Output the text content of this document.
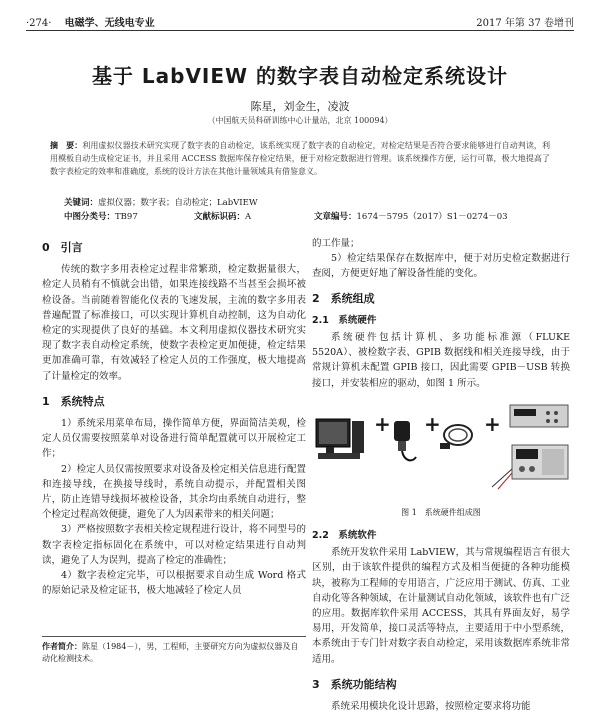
·274· 电磁学、无线电专业	2017 年第 37 卷增刊
基于 LabVIEW 的数字表自动检定系统设计
陈星，刘金生，凌波
（中国航天员科研训练中心计量站，北京 100094）
摘　要：利用虚拟仪器技术研究实现了数字表的自动检定，该系统实现了数字表的自动检定，对检定结果是否符合要求能够进行自动判读，利用模板自动生成检定证书，并且采用 ACCESS 数据库保存检定结果，便于对检定数据进行管理。该系统操作方便，运行可靠，极大地提高了数字表检定的效率和准确度，系统的设计方法在其他计量领域具有借鉴意义。
关键词：虚拟仪器；数字表；自动检定；LabVIEW
中图分类号：TB97	文献标识码：A	文章编号：1674－5795（2017）S1－0274－03
0　引言

传统的数字多用表检定过程非常繁琐，检定数据量很大，检定人员稍有不慎就会出错，如果连接线路不当甚至会损坏被检设备。当前随着智能化仪表的飞速发展，主流的数字多用表普遍配置了标准接口，可以实现计算机自动控制，这为自动化检定的实现提供了良好的基础。本文利用虚拟仪器技术研究实现了数字表自动检定系统，使数字表检定更加便捷，检定结果更加准确可靠，有效减轻了检定人员的工作强度，极大地提高了计量检定的效率。

1　系统特点

1）系统采用菜单布局，操作简单方便，界面简洁美观，检定人员仅需要按照菜单对设备进行简单配置就可以开展检定工作；

2）检定人员仅需按照要求对设备及检定相关信息进行配置和连接导线，在换接导线时，系统自动提示，并配置相关图片，防止连错导线损坏被检设备，其余均由系统自动进行，整个检定过程高效便捷，避免了人为因素带来的相关问题；

3）严格按照数字表相关检定规程进行设计，将不同型号的数字表检定指标固化在系统中，可以对检定结果进行自动判读，避免了人为误判，提高了检定的准确性；

4）数字表检定完毕，可以根据要求自动生成 Word 格式的原始记录及检定证书，极大地减轻了检定人员

的工作量；

5）检定结果保存在数据库中，便于对历史检定数据进行查阅，方便更好地了解设备性能的变化。

2　系统组成
2.1　系统硬件

系统硬件包括计算机、多功能标准源（FLUKE 5520A）、被检数字表、GPIB 数据线和相关连接导线，由于常规计算机未配置 GPIB 接口，因此需要 GPIB－USB 转换接口，并安装相应的驱动，如图 1 所示。

+ + +
图 1　系统硬件组成图
2.2　系统软件

系统开发软件采用 LabVIEW，其与常规编程语言有很大区别，由于该软件提供的编程方式及相当便捷的各种功能模块，被称为工程师的专用语言，广泛应用于测试、仿真、工业自动化等各种领域，在计量测试自动化领域，该软件也有广泛的应用。数据库软件采用 ACCESS，其具有界面友好，易学易用，开发简单，接口灵活等特点，主要适用于中小型系统，本系统由于专门针对数字表自动检定，采用该数据库系统非常适用。

3　系统功能结构

系统采用模块化设计思路，按照检定要求将功能

作者简介：陈星（1984－），男，工程师，主要研究方向为虚拟仪器及自动化检测技术。
